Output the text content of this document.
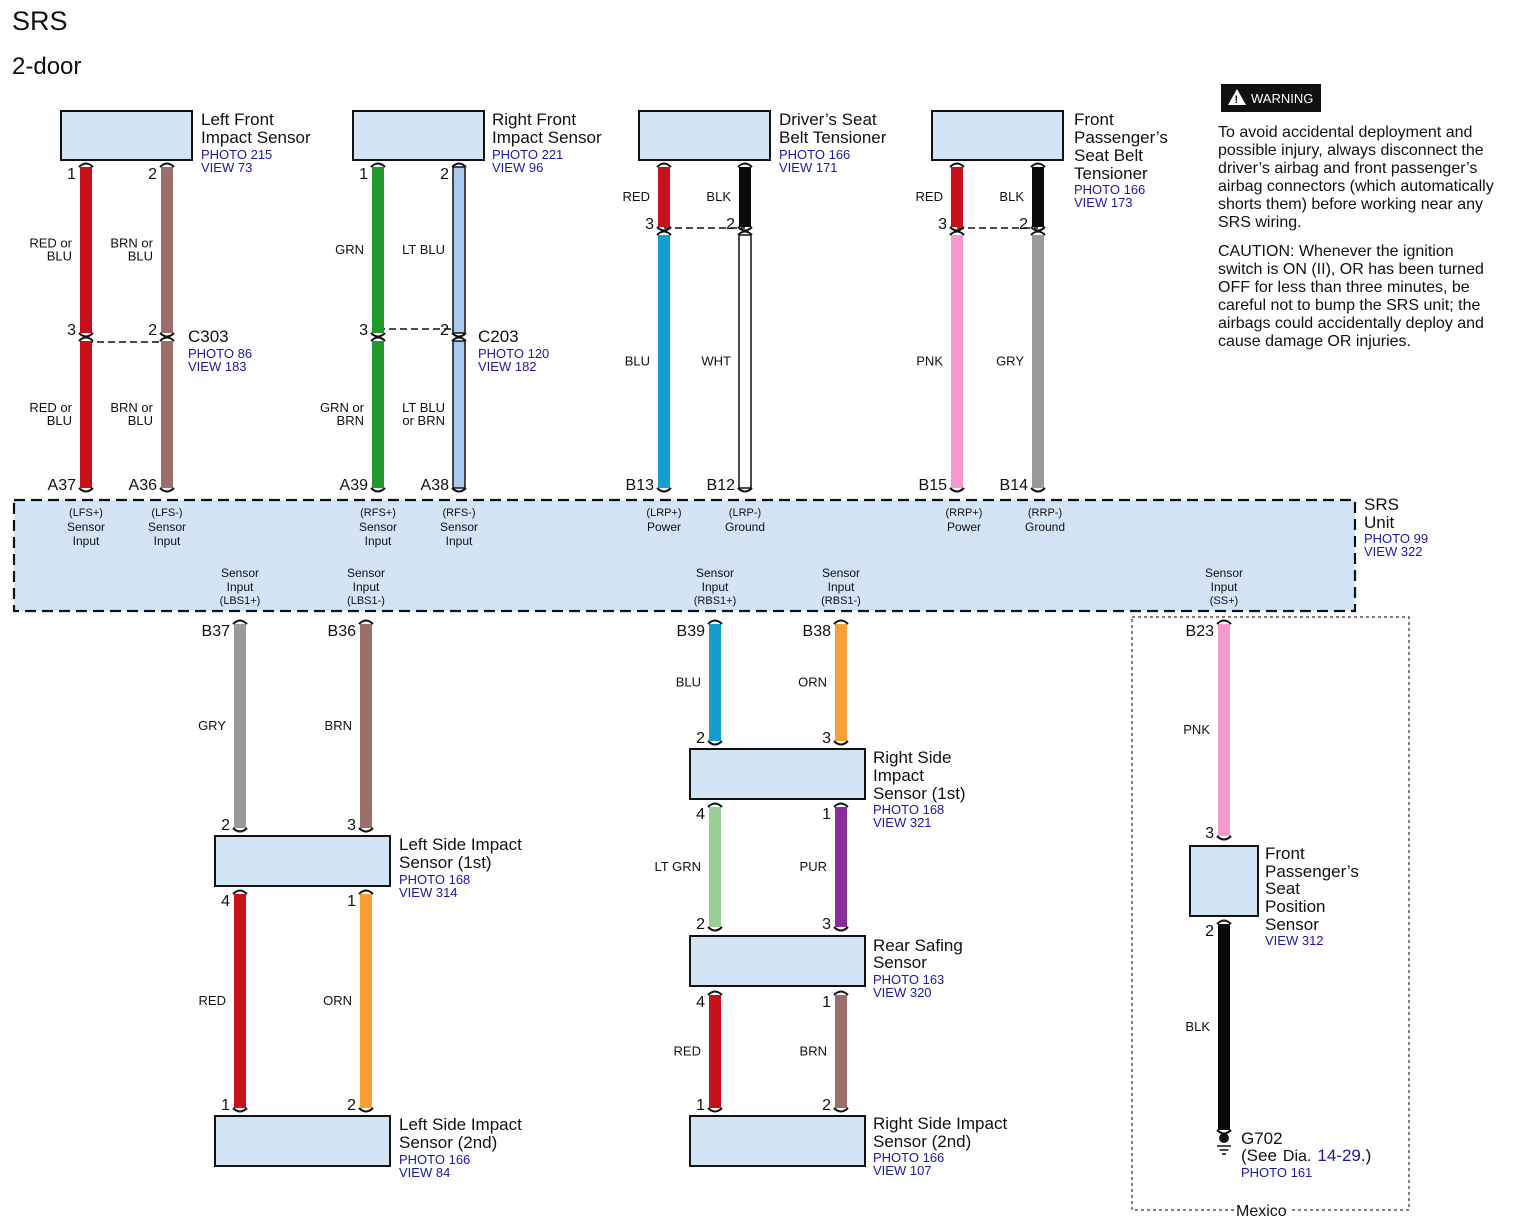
SRS
2-door
! WARNING
To avoid accidental deployment and
possible injury, always disconnect the
driver’s airbag and front passenger’s
airbag connectors (which automatically
shorts them) before working near any
SRS wiring.
CAUTION: Whenever the ignition
switch is ON (II), OR has been turned
OFF for less than three minutes, be
careful not to bump the SRS unit; the
airbags could accidentally deploy and
cause damage OR injuries.
Mexico
RED or
BLU
1
3
RED or
BLU
A37
BRN or
BLU
2
2
BRN or
BLU
A36
GRN
1
3
GRN or
BRN
A39
LT BLU
2
2
LT BLU
or BRN
A38
RED
3
BLU
B13
BLK
2
WHT
B12
RED
3
PNK
B15
BLK
2
GRY
B14
GRY
B37
2
BRN
B36
3
RED
4
1
ORN
1
2
BLU
B39
2
ORN
B38
3
LT GRN
4
2
PUR
1
3
RED
4
1
BRN
1
2
PNK
B23
3
BLK
2
(LFS+)
Sensor
Input
(LFS-)
Sensor
Input
(RFS+)
Sensor
Input
(RFS-)
Sensor
Input
(LRP+)
Power
(LRP-)
Ground
(RRP+)
Power
(RRP-)
Ground
Sensor
Input
(LBS1+)
Sensor
Input
(LBS1-)
Sensor
Input
(RBS1+)
Sensor
Input
(RBS1-)
Sensor
Input
(SS+)
Left Front
Impact Sensor
PHOTO 215
VIEW 73
Right Front
Impact Sensor
PHOTO 221
VIEW 96
Driver’s Seat
Belt Tensioner
PHOTO 166
VIEW 171
Front
Passenger’s
Seat Belt
Tensioner
PHOTO 166
VIEW 173
SRS
Unit
PHOTO 99
VIEW 322
Left Side Impact
Sensor (1st)
PHOTO 168
VIEW 314
Left Side Impact
Sensor (2nd)
PHOTO 166
VIEW 84
Right Side
Impact
Sensor (1st)
PHOTO 168
VIEW 321
Rear Safing
Sensor
PHOTO 163
VIEW 320
Right Side Impact
Sensor (2nd)
PHOTO 166
VIEW 107
Front
Passenger’s
Seat
Position
Sensor
VIEW 312
C303
PHOTO 86
VIEW 183
C203
PHOTO 120
VIEW 182
G702
(See Dia. 14-29.)
PHOTO 161
